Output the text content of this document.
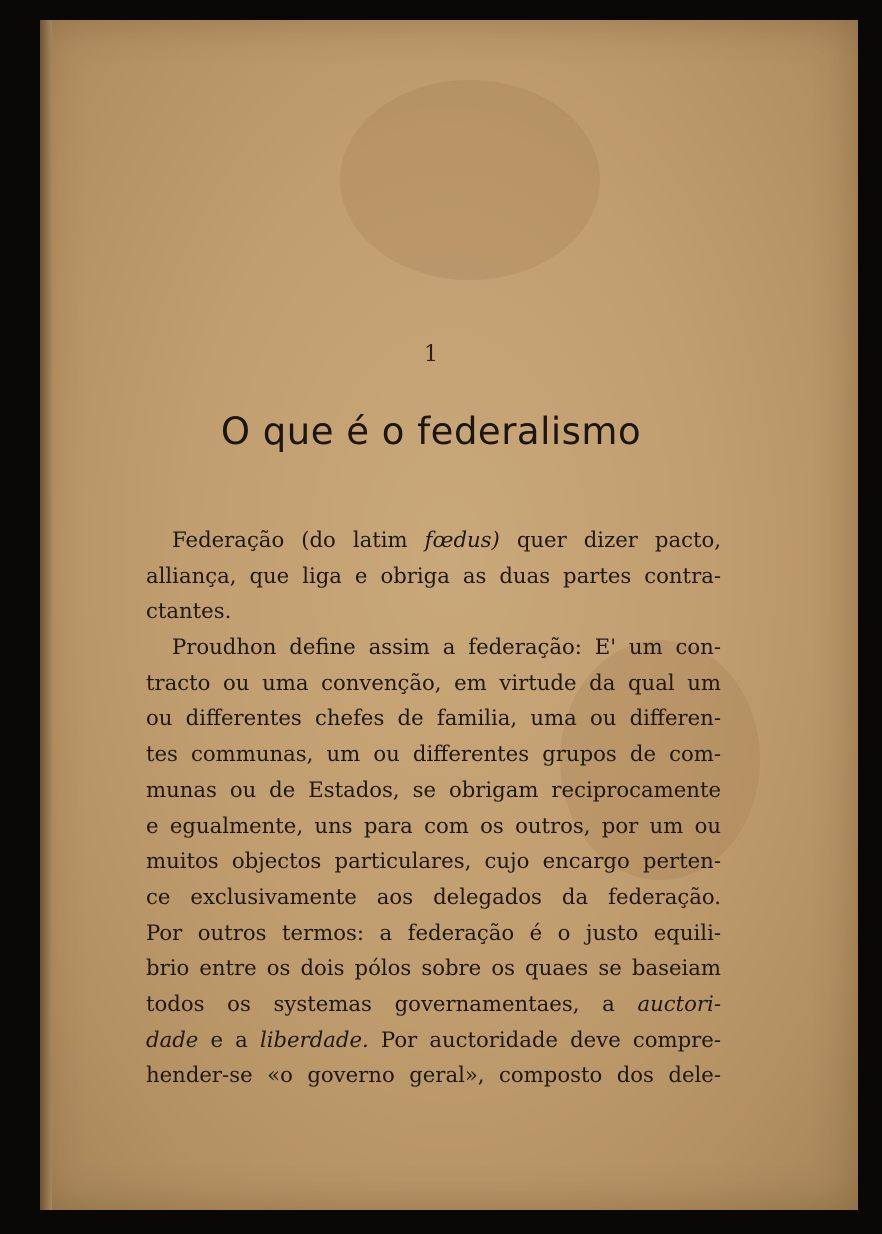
1
O que é o federalismo
Federação (do latim fœdus) quer dizer pacto,
alliança, que liga e obriga as duas partes contra-
ctantes.
Proudhon define assim a federação: E' um con-
tracto ou uma convenção, em virtude da qual um
ou differentes chefes de familia, uma ou differen-
tes communas, um ou differentes grupos de com-
munas ou de Estados, se obrigam reciprocamente
e egualmente, uns para com os outros, por um ou
muitos objectos particulares, cujo encargo perten-
ce exclusivamente aos delegados da federação.
Por outros termos: a federação é o justo equili-
brio entre os dois pólos sobre os quaes se baseiam
todos os systemas governamentaes, a auctori-
dade e a liberdade. Por auctoridade deve compre-
hender-se «o governo geral», composto dos dele-
